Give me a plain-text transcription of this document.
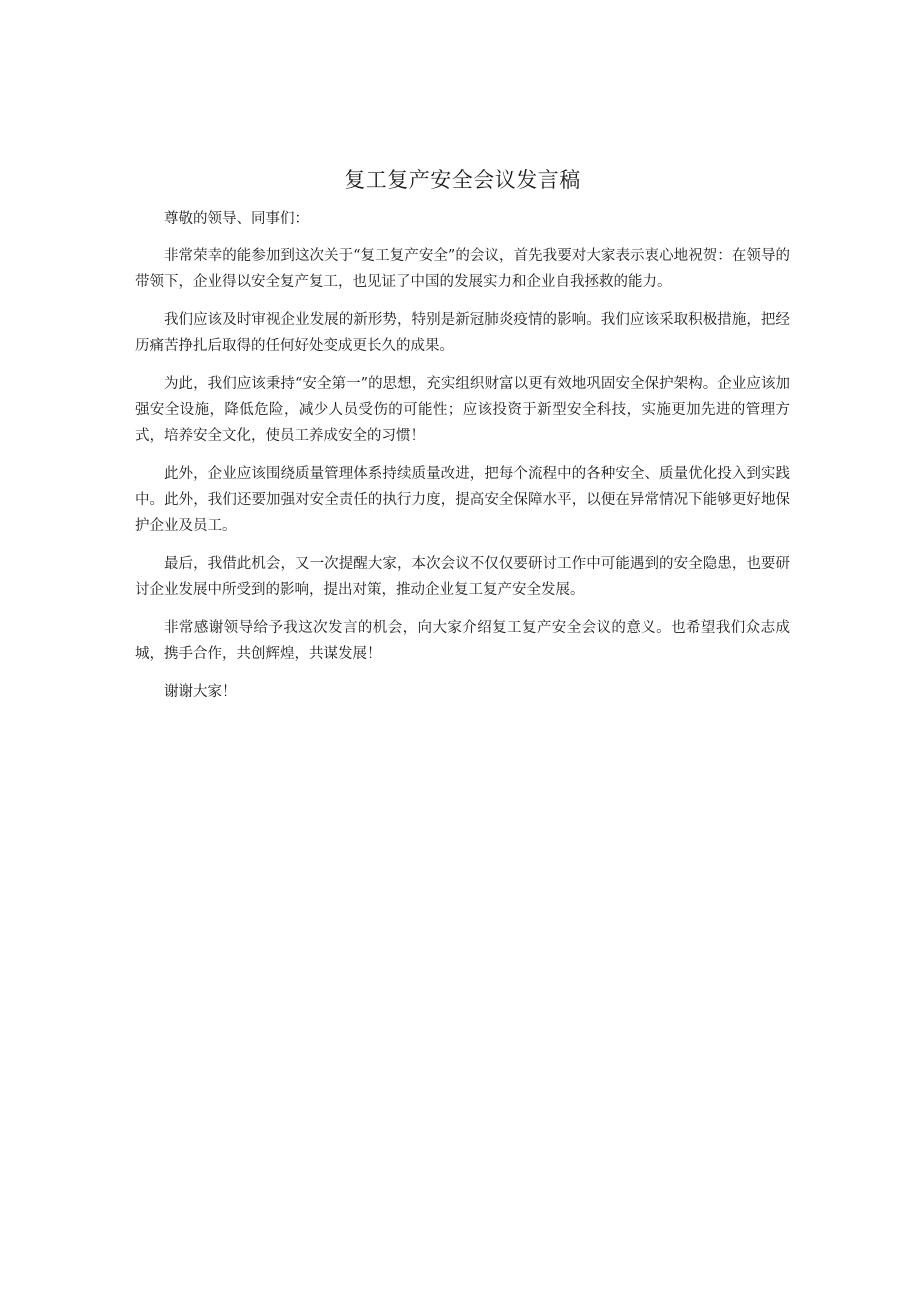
复工复产安全会议发言稿

尊敬的领导、同事们：

非常荣幸的能参加到这次关于“复工复产安全”的会议，首先我要对大家表示衷心地祝贺：在领导的带领下，企业得以安全复产复工，也见证了中国的发展实力和企业自我拯救的能力。

我们应该及时审视企业发展的新形势，特别是新冠肺炎疫情的影响。我们应该采取积极措施，把经历痛苦挣扎后取得的任何好处变成更长久的成果。

为此，我们应该秉持“安全第一”的思想，充实组织财富以更有效地巩固安全保护架构。企业应该加强安全设施，降低危险，减少人员受伤的可能性；应该投资于新型安全科技，实施更加先进的管理方式，培养安全文化，使员工养成安全的习惯！

此外，企业应该围绕质量管理体系持续质量改进，把每个流程中的各种安全、质量优化投入到实践中。此外，我们还要加强对安全责任的执行力度，提高安全保障水平，以便在异常情况下能够更好地保护企业及员工。

最后，我借此机会，又一次提醒大家，本次会议不仅仅要研讨工作中可能遇到的安全隐患，也要研讨企业发展中所受到的影响，提出对策，推动企业复工复产安全发展。

非常感谢领导给予我这次发言的机会，向大家介绍复工复产安全会议的意义。也希望我们众志成城，携手合作，共创辉煌，共谋发展！

谢谢大家！
